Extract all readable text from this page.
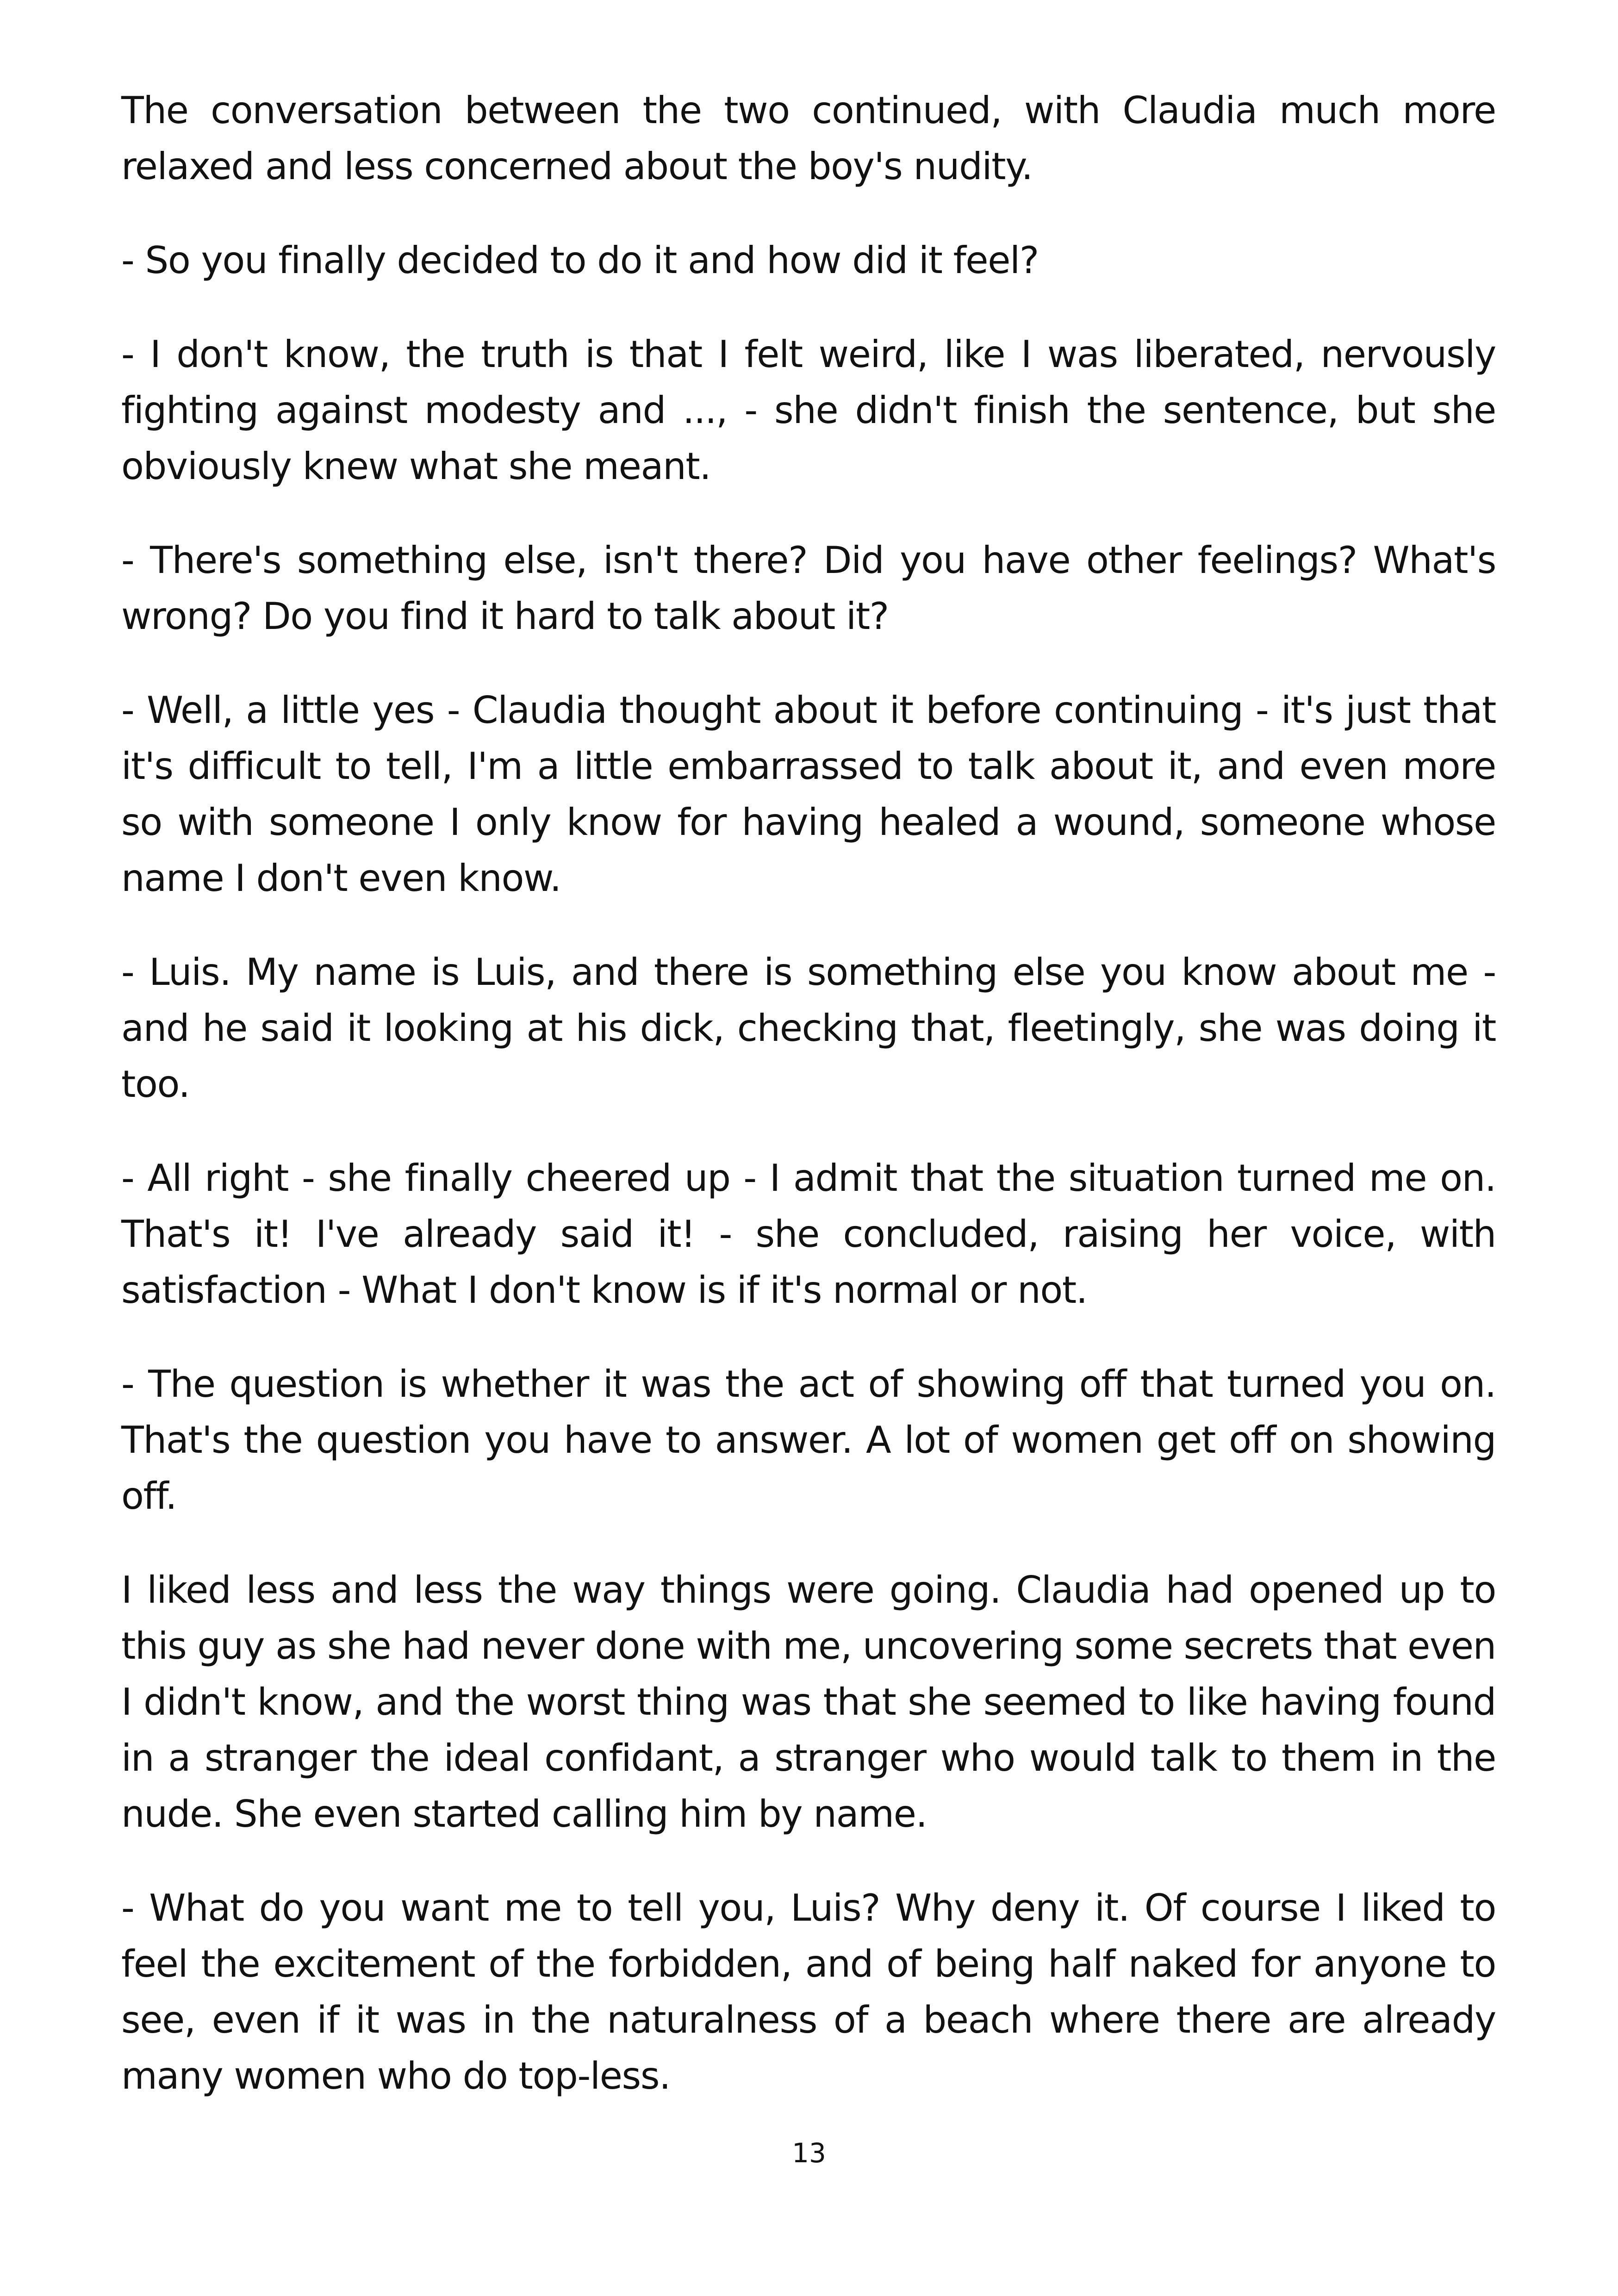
The conversation between the two continued, with Claudia much more relaxed and less concerned about the boy's nudity.

- So you finally decided to do it and how did it feel?

- I don't know, the truth is that I felt weird, like I was liberated, nervously fighting against modesty and ..., - she didn't finish the sentence, but she obviously knew what she meant.

- There's something else, isn't there? Did you have other feelings? What's wrong? Do you find it hard to talk about it?

- Well, a little yes - Claudia thought about it before continuing - it's just that it's difficult to tell, I'm a little embarrassed to talk about it, and even more so with someone I only know for having healed a wound, someone whose name I don't even know.

- Luis. My name is Luis, and there is something else you know about me - and he said it looking at his dick, checking that, fleetingly, she was doing it too.

- All right - she finally cheered up - I admit that the situation turned me on. That's it! I've already said it! - she concluded, raising her voice, with satisfaction - What I don't know is if it's normal or not.

- The question is whether it was the act of showing off that turned you on. That's the question you have to answer. A lot of women get off on showing off.

I liked less and less the way things were going. Claudia had opened up to this guy as she had never done with me, uncovering some secrets that even I didn't know, and the worst thing was that she seemed to like having found in a stranger the ideal confidant, a stranger who would talk to them in the nude. She even started calling him by name.

- What do you want me to tell you, Luis? Why deny it. Of course I liked to feel the excitement of the forbidden, and of being half naked for anyone to see, even if it was in the naturalness of a beach where there are already many women who do top-less.

13
